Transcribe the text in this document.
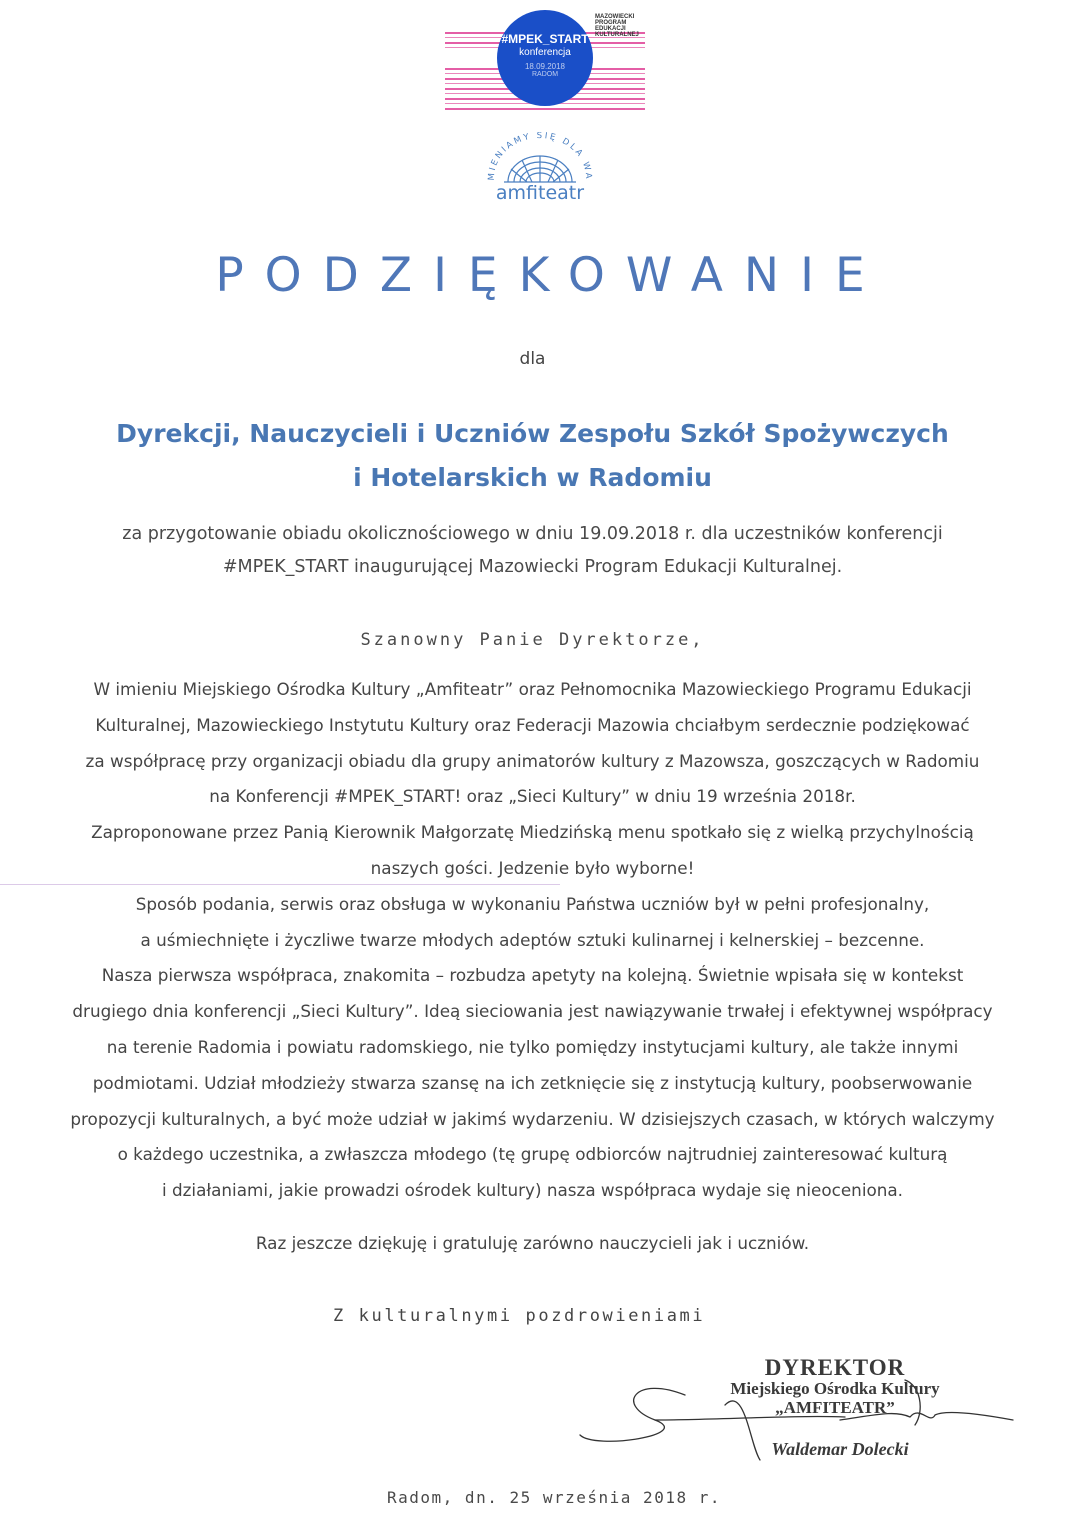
#MPEK_START
konferencja
18.09.2018
RADOM
MAZOWIECKI
PROGRAM
EDUKACJI
KULTURALNEJ
MIENIAMY SIĘ DLA WA
amfiteatr
PODZIĘKOWANIE
dla
Dyrekcji, Nauczycieli i Uczniów Zespołu Szkół Spożywczych
i Hotelarskich w Radomiu
za przygotowanie obiadu okolicznościowego w dniu 19.09.2018 r. dla uczestników konferencji
#MPEK_START inaugurującej Mazowiecki Program Edukacji Kulturalnej.
Szanowny Panie Dyrektorze,

W imieniu Miejskiego Ośrodka Kultury „Amfiteatr” oraz Pełnomocnika Mazowieckiego Programu Edukacji

Kulturalnej, Mazowieckiego Instytutu Kultury oraz Federacji Mazowia chciałbym serdecznie podziękować

za współpracę przy organizacji obiadu dla grupy animatorów kultury z Mazowsza, goszczących w Radomiu

na Konferencji #MPEK_START! oraz „Sieci Kultury” w dniu 19 września 2018r.

Zaproponowane przez Panią Kierownik Małgorzatę Miedzińską menu spotkało się z wielką przychylnością

naszych gości. Jedzenie było wyborne!

Sposób podania, serwis oraz obsługa w wykonaniu Państwa uczniów był w pełni profesjonalny,

a uśmiechnięte i życzliwe twarze młodych adeptów sztuki kulinarnej i kelnerskiej – bezcenne.

Nasza pierwsza współpraca, znakomita – rozbudza apetyty na kolejną. Świetnie wpisała się w kontekst

drugiego dnia konferencji „Sieci Kultury”. Ideą sieciowania jest nawiązywanie trwałej i efektywnej współpracy

na terenie Radomia i powiatu radomskiego, nie tylko pomiędzy instytucjami kultury, ale także innymi

podmiotami. Udział młodzieży stwarza szansę na ich zetknięcie się z instytucją kultury, poobserwowanie

propozycji kulturalnych, a być może udział w jakimś wydarzeniu. W dzisiejszych czasach, w których walczymy

o każdego uczestnika, a zwłaszcza młodego (tę grupę odbiorców najtrudniej zainteresować kulturą

i działaniami, jakie prowadzi ośrodek kultury) nasza współpraca wydaje się nieoceniona.

Raz jeszcze dziękuję i gratuluję zarówno nauczycieli jak i uczniów.
Z kulturalnymi pozdrowieniami
DYREKTOR
Miejskiego Ośrodka Kultury
„AMFITEATR”
Waldemar Dolecki
Radom, dn. 25 września 2018 r.
